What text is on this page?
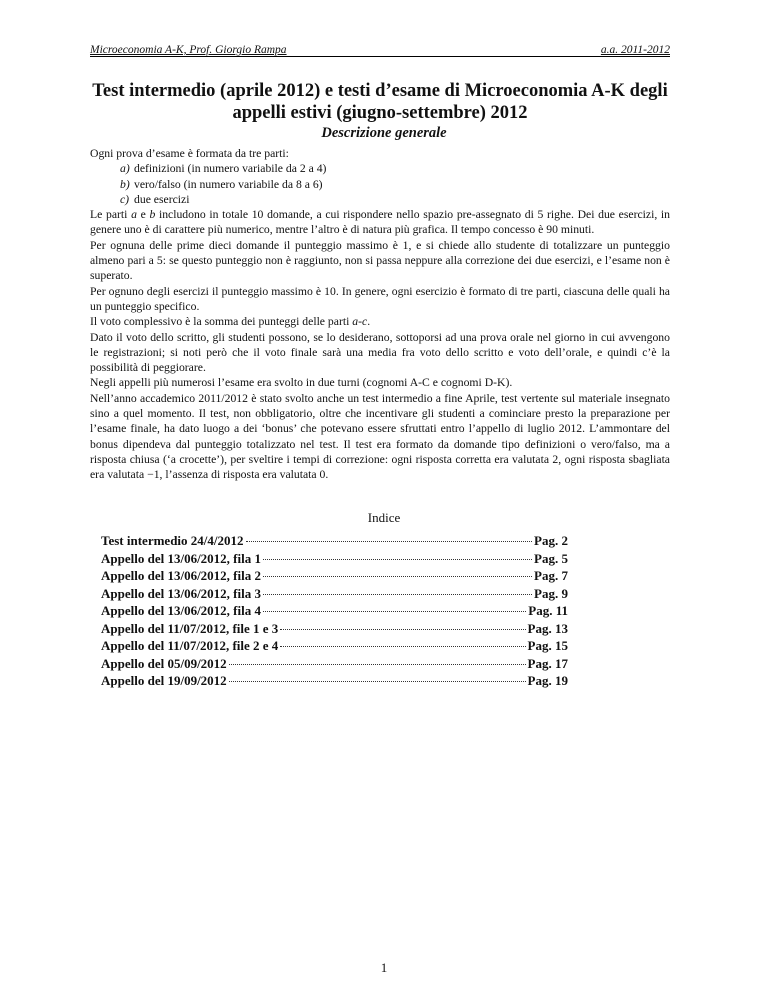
Microeconomia A-K, Prof. Giorgio Rampa	a.a. 2011-2012
Test intermedio (aprile 2012) e testi d’esame di Microeconomia A-K degli appelli estivi (giugno-settembre) 2012
Descrizione generale

Ogni prova d’esame è formata da tre parti:

a) definizioni (in numero variabile da 2 a 4)
b) vero/falso (in numero variabile da 8 a 6)
c) due esercizi

Le parti a e b includono in totale 10 domande, a cui rispondere nello spazio pre-assegnato di 5 righe. Dei due esercizi, in genere uno è di carattere più numerico, mentre l’altro è di natura più grafica. Il tempo concesso è 90 minuti.

Per ognuna delle prime dieci domande il punteggio massimo è 1, e si chiede allo studente di totalizzare un punteggio almeno pari a 5: se questo punteggio non è raggiunto, non si passa neppure alla correzione dei due esercizi, e l’esame non è superato.

Per ognuno degli esercizi il punteggio massimo è 10. In genere, ogni esercizio è formato di tre parti, ciascuna delle quali ha un punteggio specifico.

Il voto complessivo è la somma dei punteggi delle parti a-c.

Dato il voto dello scritto, gli studenti possono, se lo desiderano, sottoporsi ad una prova orale nel giorno in cui avvengono le registrazioni; si noti però che il voto finale sarà una media fra voto dello scritto e voto dell’orale, e quindi c’è la possibilità di peggiorare.

Negli appelli più numerosi l’esame era svolto in due turni (cognomi A-C e cognomi D-K).

Nell’anno accademico 2011/2012 è stato svolto anche un test intermedio a fine Aprile, test vertente sul materiale insegnato sino a quel momento. Il test, non obbligatorio, oltre che incentivare gli studenti a cominciare presto la preparazione per l’esame finale, ha dato luogo a dei ‘bonus’ che potevano essere sfruttati entro l’appello di luglio 2012. L’ammontare del bonus dipendeva dal punteggio totalizzato nel test. Il test era formato da domande tipo definizioni o vero/falso, ma a risposta chiusa (‘a crocette’), per sveltire i tempi di correzione: ogni risposta corretta era valutata 2, ogni risposta sbagliata era valutata −1, l’assenza di risposta era valutata 0.

Indice
Test intermedio 24/4/2012	Pag. 2
Appello del 13/06/2012, fila 1	Pag. 5
Appello del 13/06/2012, fila 2	Pag. 7
Appello del 13/06/2012, fila 3	Pag. 9
Appello del 13/06/2012, fila 4	Pag. 11
Appello del 11/07/2012, file 1 e 3	Pag. 13
Appello del 11/07/2012, file 2 e 4	Pag. 15
Appello del 05/09/2012	Pag. 17
Appello del 19/09/2012	Pag. 19
1
